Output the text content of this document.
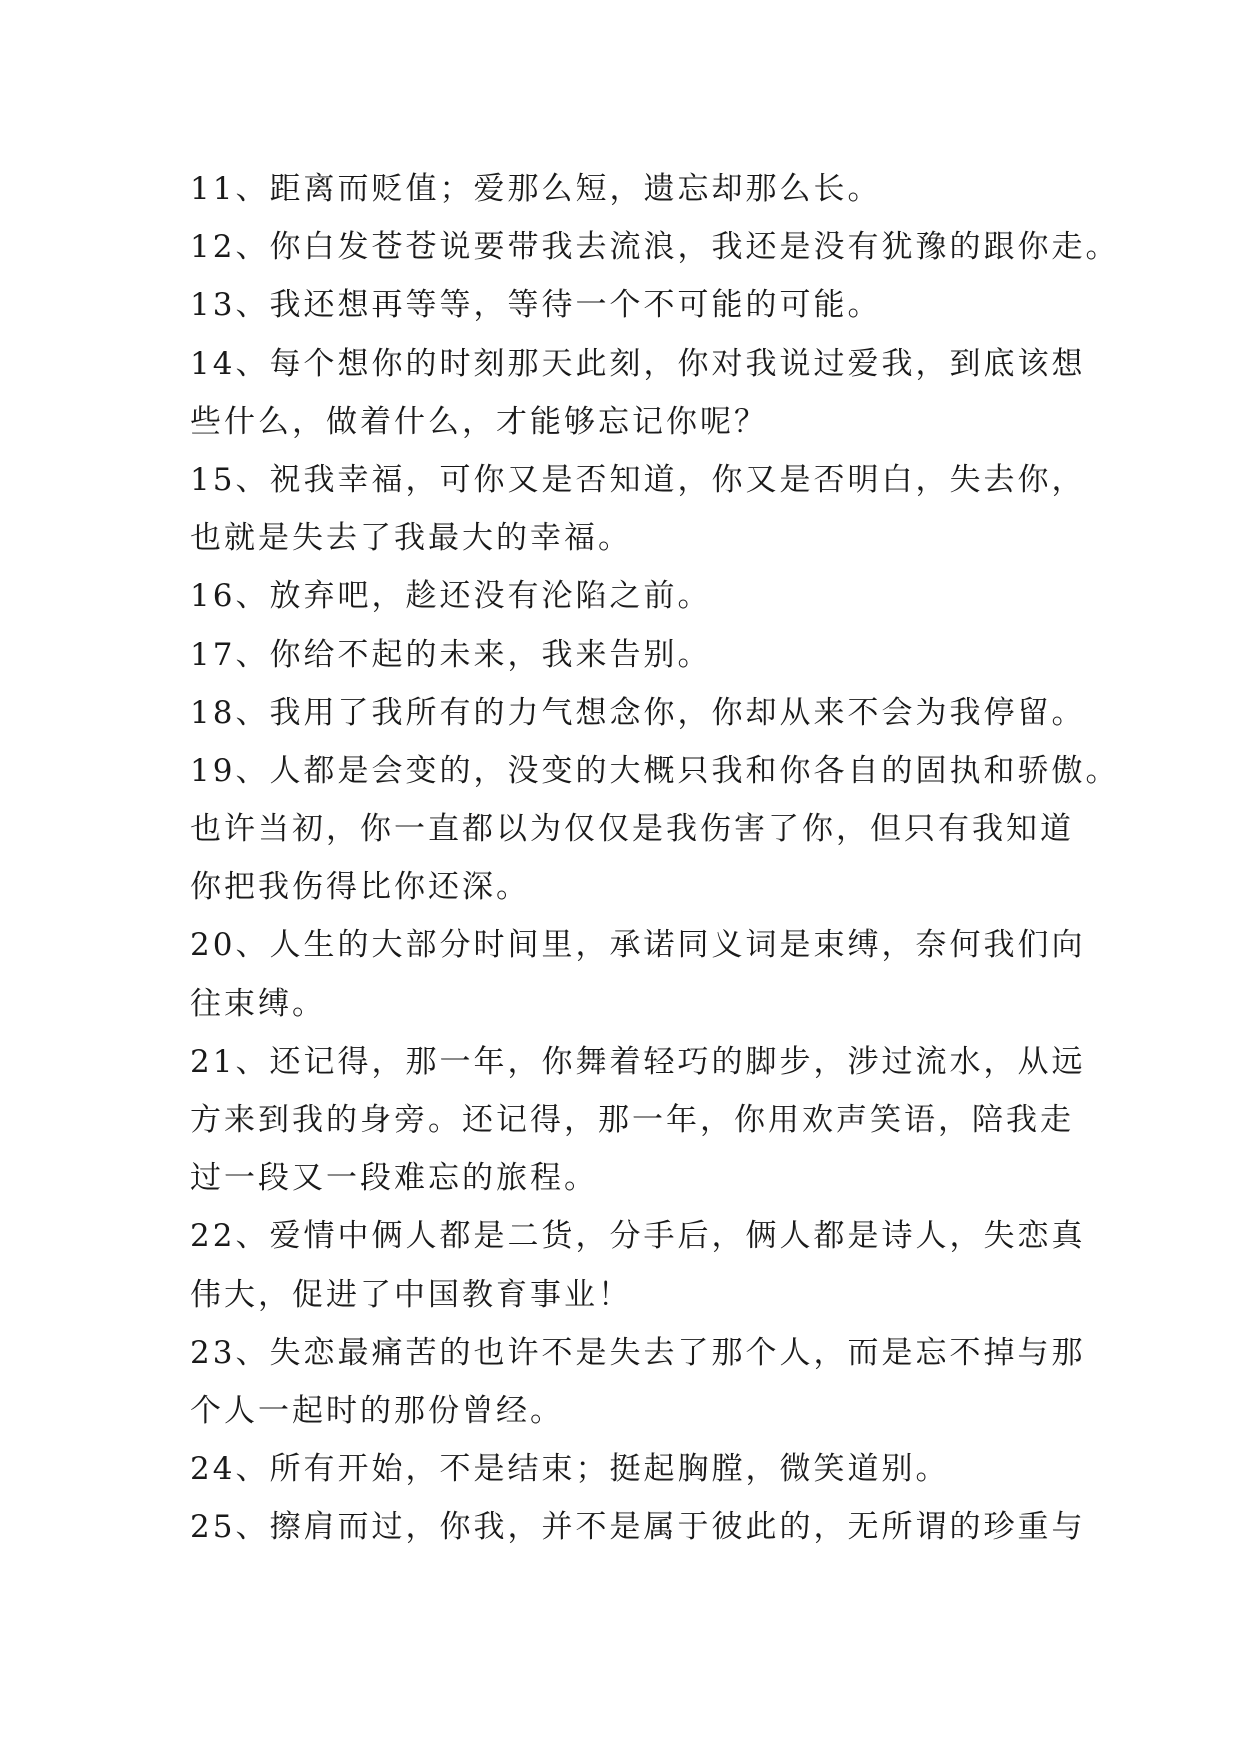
11、距离而贬值；爱那么短，遗忘却那么长。
12、你白发苍苍说要带我去流浪，我还是没有犹豫的跟你走。
13、我还想再等等，等待一个不可能的可能。
14、每个想你的时刻那天此刻，你对我说过爱我，到底该想
些什么，做着什么，才能够忘记你呢？
15、祝我幸福，可你又是否知道，你又是否明白，失去你，
也就是失去了我最大的幸福。
16、放弃吧，趁还没有沦陷之前。
17、你给不起的未来，我来告别。
18、我用了我所有的力气想念你，你却从来不会为我停留。
19、人都是会变的，没变的大概只我和你各自的固执和骄傲。
也许当初，你一直都以为仅仅是我伤害了你，但只有我知道
你把我伤得比你还深。
20、人生的大部分时间里，承诺同义词是束缚，奈何我们向
往束缚。
21、还记得，那一年，你舞着轻巧的脚步，涉过流水，从远
方来到我的身旁。还记得，那一年，你用欢声笑语，陪我走
过一段又一段难忘的旅程。
22、爱情中俩人都是二货，分手后，俩人都是诗人，失恋真
伟大，促进了中国教育事业！
23、失恋最痛苦的也许不是失去了那个人，而是忘不掉与那
个人一起时的那份曾经。
24、所有开始，不是结束；挺起胸膛，微笑道别。
25、擦肩而过，你我，并不是属于彼此的，无所谓的珍重与
